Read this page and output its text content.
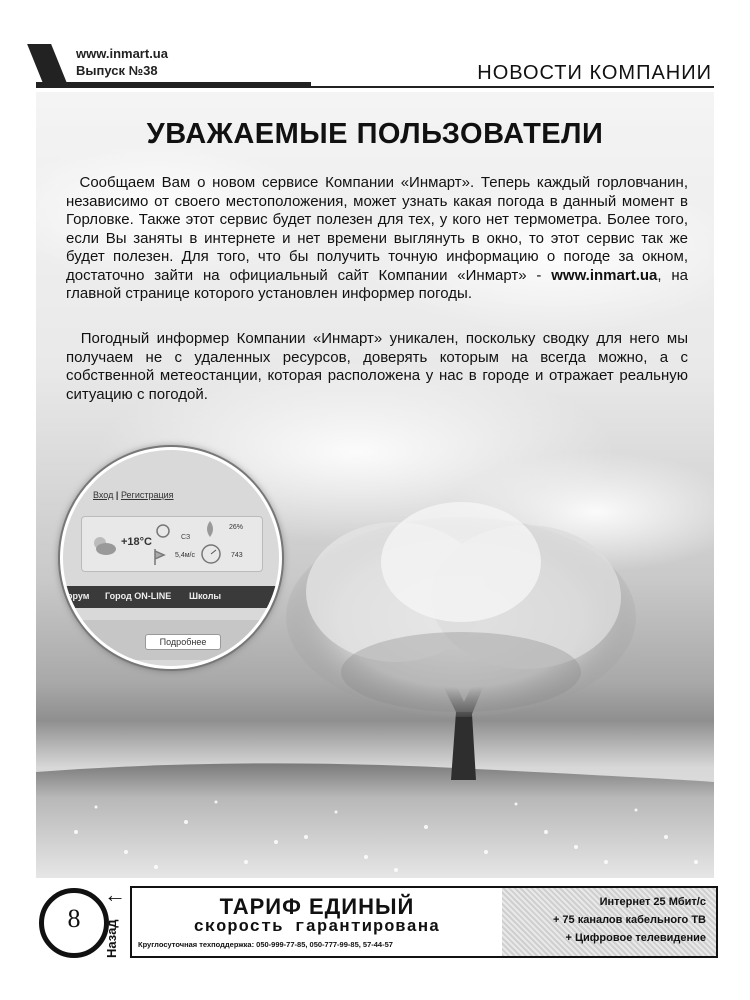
www.inmart.ua
Выпуск №38	НОВОСТИ КОМПАНИИ
УВАЖАЕМЫЕ ПОЛЬЗОВАТЕЛИ
Сообщаем Вам о новом сервисе Компании «Инмарт». Теперь каждый горловчанин, независимо от своего местоположения, может узнать какая погода в данный момент в Горловке. Также этот сервис будет полезен для тех, у кого нет термометра. Более того, если Вы заняты в интернете и нет времени выглянуть в окно, то этот сервис так же будет полезен. Для того, что бы получить точную информацию о погоде за окном, достаточно зайти на официальный сайт Компании «Инмарт» - www.inmart.ua, на главной странице которого установлен информер погоды.
Погодный информер Компании «Инмарт» уникален, поскольку сводку для него мы получаем не с удаленных ресурсов, доверять которым на всегда можно, а с собственной метеостанции, которая расположена у нас в городе и отражает реальную ситуацию с погодой.
Вход | Регистрация
+18°C	СЗ
26%
5,4м/с	743
орум Город ON-LINE Школы
Подробнее
8
←
Назад
ТАРИФ ЕДИНЫЙ
скорость гарантирована
Круглосуточная техподдержка: 050-999-77-85, 050-777-99-85, 57-44-57
Интернет 25 Мбит/с
+ 75 каналов кабельного ТВ
+ Цифровое телевидение
